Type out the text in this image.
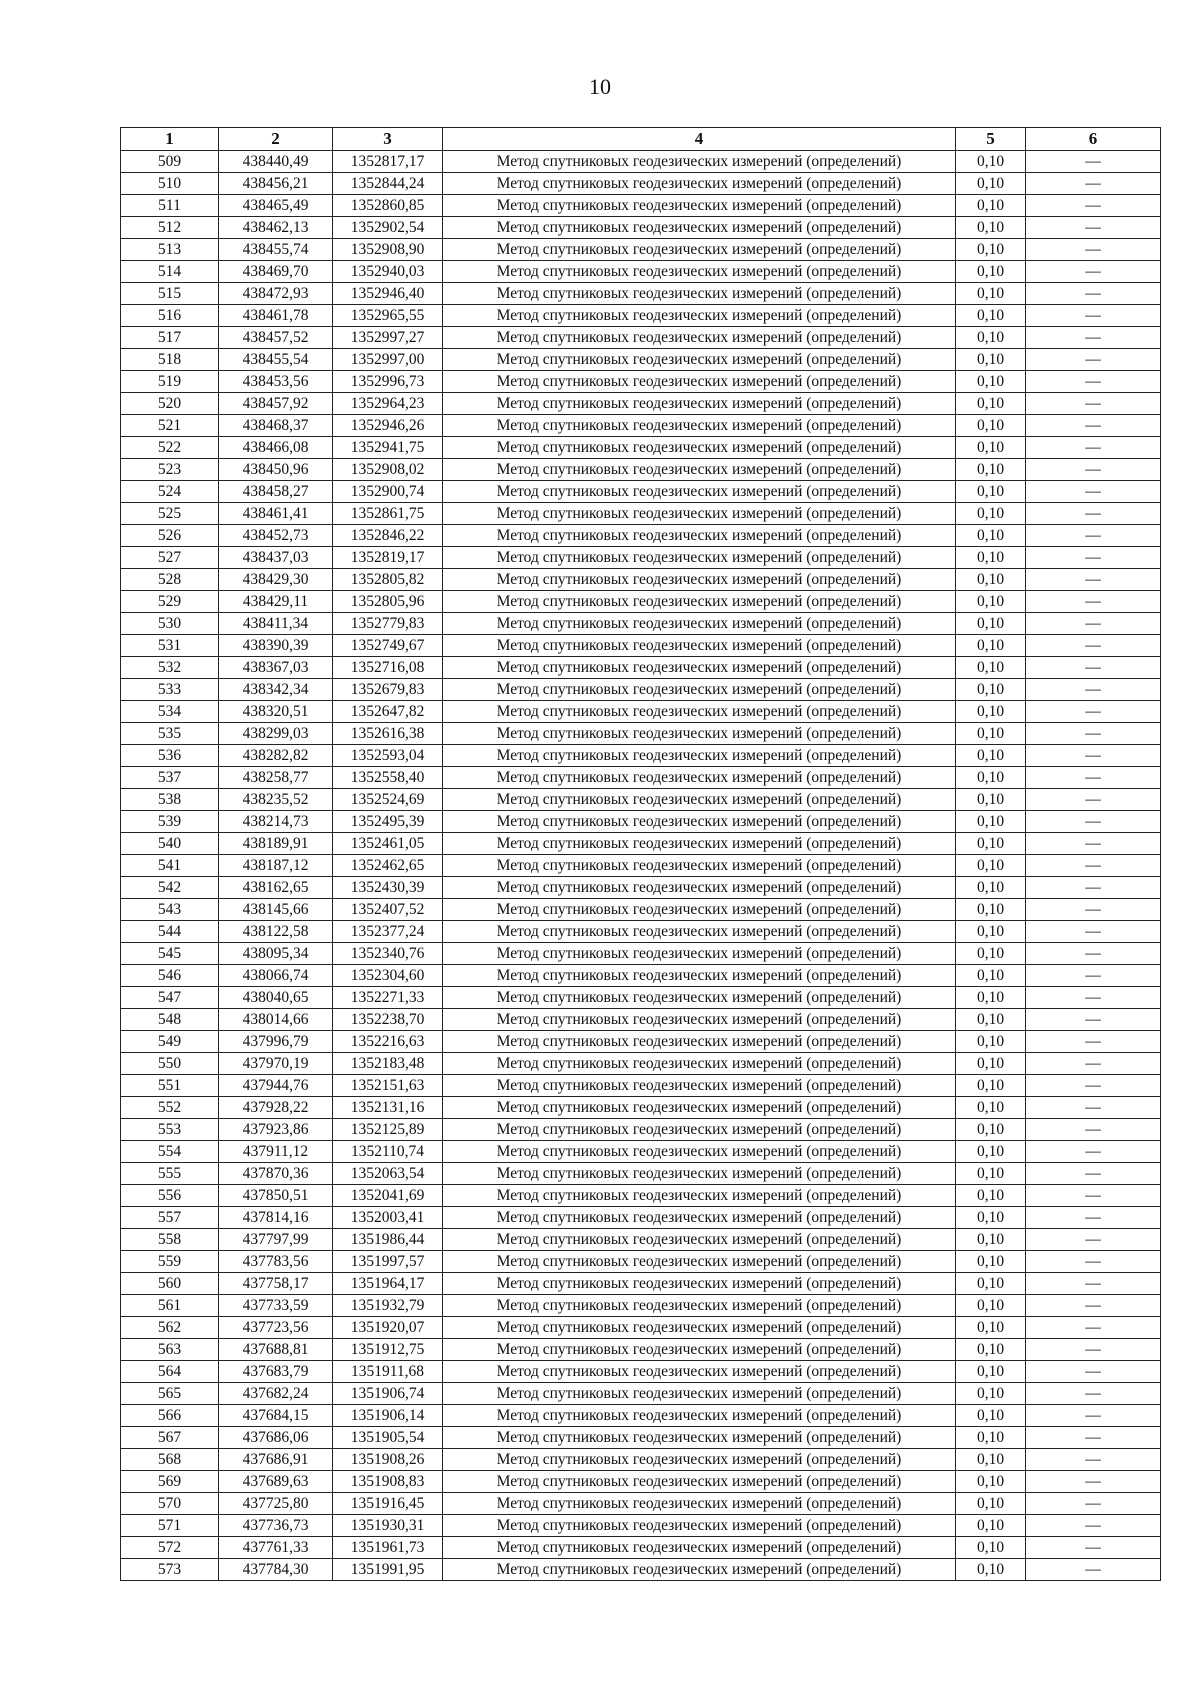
10
1	2	3	4	5	6
509	438440,49	1352817,17	Метод спутниковых геодезических измерений (определений)	0,10	—
510	438456,21	1352844,24	Метод спутниковых геодезических измерений (определений)	0,10	—
511	438465,49	1352860,85	Метод спутниковых геодезических измерений (определений)	0,10	—
512	438462,13	1352902,54	Метод спутниковых геодезических измерений (определений)	0,10	—
513	438455,74	1352908,90	Метод спутниковых геодезических измерений (определений)	0,10	—
514	438469,70	1352940,03	Метод спутниковых геодезических измерений (определений)	0,10	—
515	438472,93	1352946,40	Метод спутниковых геодезических измерений (определений)	0,10	—
516	438461,78	1352965,55	Метод спутниковых геодезических измерений (определений)	0,10	—
517	438457,52	1352997,27	Метод спутниковых геодезических измерений (определений)	0,10	—
518	438455,54	1352997,00	Метод спутниковых геодезических измерений (определений)	0,10	—
519	438453,56	1352996,73	Метод спутниковых геодезических измерений (определений)	0,10	—
520	438457,92	1352964,23	Метод спутниковых геодезических измерений (определений)	0,10	—
521	438468,37	1352946,26	Метод спутниковых геодезических измерений (определений)	0,10	—
522	438466,08	1352941,75	Метод спутниковых геодезических измерений (определений)	0,10	—
523	438450,96	1352908,02	Метод спутниковых геодезических измерений (определений)	0,10	—
524	438458,27	1352900,74	Метод спутниковых геодезических измерений (определений)	0,10	—
525	438461,41	1352861,75	Метод спутниковых геодезических измерений (определений)	0,10	—
526	438452,73	1352846,22	Метод спутниковых геодезических измерений (определений)	0,10	—
527	438437,03	1352819,17	Метод спутниковых геодезических измерений (определений)	0,10	—
528	438429,30	1352805,82	Метод спутниковых геодезических измерений (определений)	0,10	—
529	438429,11	1352805,96	Метод спутниковых геодезических измерений (определений)	0,10	—
530	438411,34	1352779,83	Метод спутниковых геодезических измерений (определений)	0,10	—
531	438390,39	1352749,67	Метод спутниковых геодезических измерений (определений)	0,10	—
532	438367,03	1352716,08	Метод спутниковых геодезических измерений (определений)	0,10	—
533	438342,34	1352679,83	Метод спутниковых геодезических измерений (определений)	0,10	—
534	438320,51	1352647,82	Метод спутниковых геодезических измерений (определений)	0,10	—
535	438299,03	1352616,38	Метод спутниковых геодезических измерений (определений)	0,10	—
536	438282,82	1352593,04	Метод спутниковых геодезических измерений (определений)	0,10	—
537	438258,77	1352558,40	Метод спутниковых геодезических измерений (определений)	0,10	—
538	438235,52	1352524,69	Метод спутниковых геодезических измерений (определений)	0,10	—
539	438214,73	1352495,39	Метод спутниковых геодезических измерений (определений)	0,10	—
540	438189,91	1352461,05	Метод спутниковых геодезических измерений (определений)	0,10	—
541	438187,12	1352462,65	Метод спутниковых геодезических измерений (определений)	0,10	—
542	438162,65	1352430,39	Метод спутниковых геодезических измерений (определений)	0,10	—
543	438145,66	1352407,52	Метод спутниковых геодезических измерений (определений)	0,10	—
544	438122,58	1352377,24	Метод спутниковых геодезических измерений (определений)	0,10	—
545	438095,34	1352340,76	Метод спутниковых геодезических измерений (определений)	0,10	—
546	438066,74	1352304,60	Метод спутниковых геодезических измерений (определений)	0,10	—
547	438040,65	1352271,33	Метод спутниковых геодезических измерений (определений)	0,10	—
548	438014,66	1352238,70	Метод спутниковых геодезических измерений (определений)	0,10	—
549	437996,79	1352216,63	Метод спутниковых геодезических измерений (определений)	0,10	—
550	437970,19	1352183,48	Метод спутниковых геодезических измерений (определений)	0,10	—
551	437944,76	1352151,63	Метод спутниковых геодезических измерений (определений)	0,10	—
552	437928,22	1352131,16	Метод спутниковых геодезических измерений (определений)	0,10	—
553	437923,86	1352125,89	Метод спутниковых геодезических измерений (определений)	0,10	—
554	437911,12	1352110,74	Метод спутниковых геодезических измерений (определений)	0,10	—
555	437870,36	1352063,54	Метод спутниковых геодезических измерений (определений)	0,10	—
556	437850,51	1352041,69	Метод спутниковых геодезических измерений (определений)	0,10	—
557	437814,16	1352003,41	Метод спутниковых геодезических измерений (определений)	0,10	—
558	437797,99	1351986,44	Метод спутниковых геодезических измерений (определений)	0,10	—
559	437783,56	1351997,57	Метод спутниковых геодезических измерений (определений)	0,10	—
560	437758,17	1351964,17	Метод спутниковых геодезических измерений (определений)	0,10	—
561	437733,59	1351932,79	Метод спутниковых геодезических измерений (определений)	0,10	—
562	437723,56	1351920,07	Метод спутниковых геодезических измерений (определений)	0,10	—
563	437688,81	1351912,75	Метод спутниковых геодезических измерений (определений)	0,10	—
564	437683,79	1351911,68	Метод спутниковых геодезических измерений (определений)	0,10	—
565	437682,24	1351906,74	Метод спутниковых геодезических измерений (определений)	0,10	—
566	437684,15	1351906,14	Метод спутниковых геодезических измерений (определений)	0,10	—
567	437686,06	1351905,54	Метод спутниковых геодезических измерений (определений)	0,10	—
568	437686,91	1351908,26	Метод спутниковых геодезических измерений (определений)	0,10	—
569	437689,63	1351908,83	Метод спутниковых геодезических измерений (определений)	0,10	—
570	437725,80	1351916,45	Метод спутниковых геодезических измерений (определений)	0,10	—
571	437736,73	1351930,31	Метод спутниковых геодезических измерений (определений)	0,10	—
572	437761,33	1351961,73	Метод спутниковых геодезических измерений (определений)	0,10	—
573	437784,30	1351991,95	Метод спутниковых геодезических измерений (определений)	0,10	—
